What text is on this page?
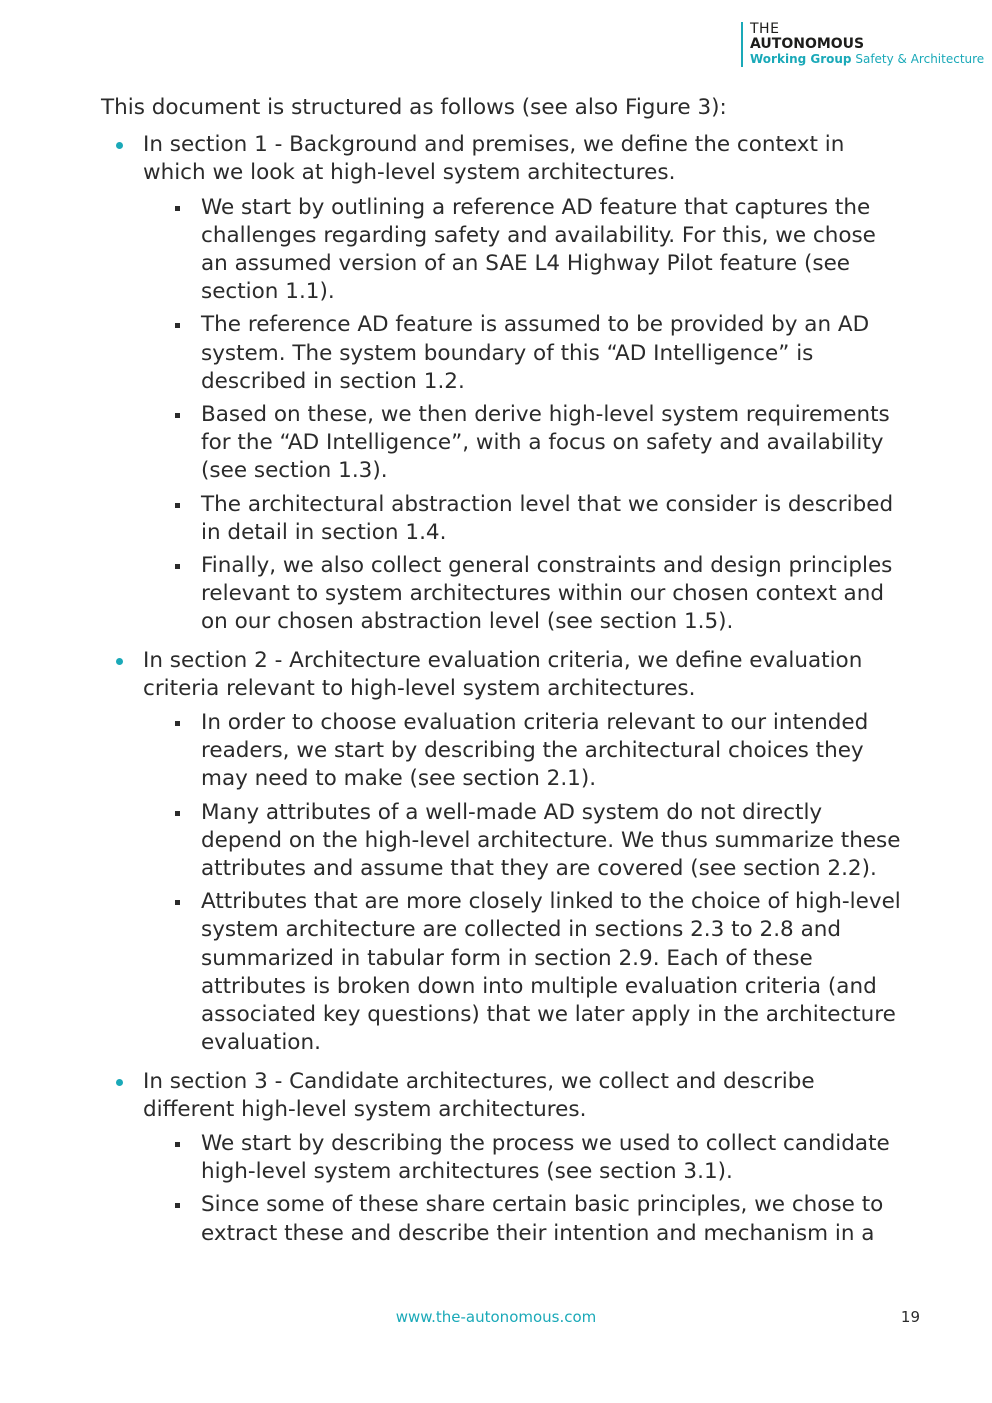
THE
AUTONOMOUS
Working Group Safety & Architecture

This document is structured as follows (see also Figure 3):

In section 1 - Background and premises, we define the context in which we look at high-level system architectures.
We start by outlining a reference AD feature that captures the challenges regarding safety and availability. For this, we chose an assumed version of an SAE L4 Highway Pilot feature (see section 1.1).
The reference AD feature is assumed to be provided by an AD system. The system boundary of this “AD Intelligence” is described in section 1.2.
Based on these, we then derive high-level system requirements for the “AD Intelligence”, with a focus on safety and availability (see section 1.3).
The architectural abstraction level that we consider is described in detail in section 1.4.
Finally, we also collect general constraints and design principles relevant to system architectures within our chosen context and on our chosen abstraction level (see section 1.5).
In section 2 - Architecture evaluation criteria, we define evaluation criteria relevant to high-level system architectures.
In order to choose evaluation criteria relevant to our intended readers, we start by describing the architectural choices they may need to make (see section 2.1).
Many attributes of a well-made AD system do not directly depend on the high-level architecture. We thus summarize these attributes and assume that they are covered (see section 2.2).
Attributes that are more closely linked to the choice of high-level system architecture are collected in sections 2.3 to 2.8 and summarized in tabular form in section 2.9. Each of these attributes is broken down into multiple evaluation criteria (and associated key questions) that we later apply in the architecture evaluation.
In section 3 - Candidate architectures, we collect and describe different high-level system architectures.
We start by describing the process we used to collect candidate high-level system architectures (see section 3.1).
Since some of these share certain basic principles, we chose to extract these and describe their intention and mechanism in a
www.the-autonomous.com	19
